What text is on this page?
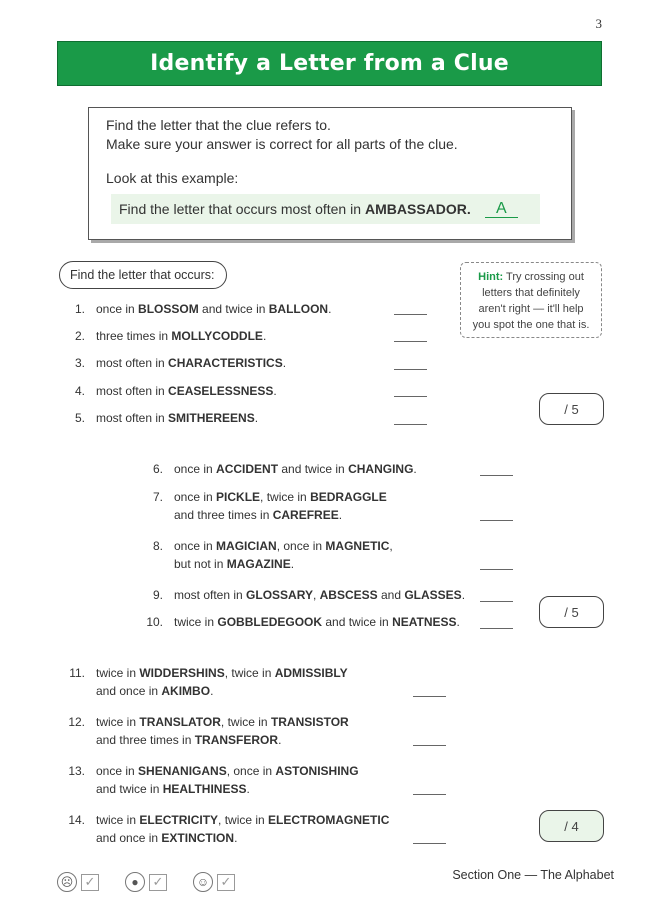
3
Identify a Letter from a Clue
Find the letter that the clue refers to.
Make sure your answer is correct for all parts of the clue.
Look at this example:
Find the letter that occurs most often in AMBASSADOR.	A
Find the letter that occurs:	Hint: Try crossing out
letters that definitely
aren't right — it'll help
you spot the one that is.
1. once in BLOSSOM and twice in BALLOON.
2. three times in MOLLYCODDLE.
3. most often in CHARACTERISTICS.
4. most often in CEASELESSNESS.
5. most often in SMITHEREENS.
/ 5
6. once in ACCIDENT and twice in CHANGING.
7. once in PICKLE, twice in BEDRAGGLE
and three times in CAREFREE.
8. once in MAGICIAN, once in MAGNETIC,
but not in MAGAZINE.
9. most often in GLOSSARY, ABSCESS and GLASSES.
10. twice in GOBBLEDEGOOK and twice in NEATNESS.
/ 5
11. twice in WIDDERSHINS, twice in ADMISSIBLY
and once in AKIMBO.
12. twice in TRANSLATOR, twice in TRANSISTOR
and three times in TRANSFEROR.
13. once in SHENANIGANS, once in ASTONISHING
and twice in HEALTHINESS.
14. twice in ELECTRICITY, twice in ELECTROMAGNETIC
and once in EXTINCTION.
/ 4
☹ ✓	●	✓	☺ ✓	Section One — The Alphabet
